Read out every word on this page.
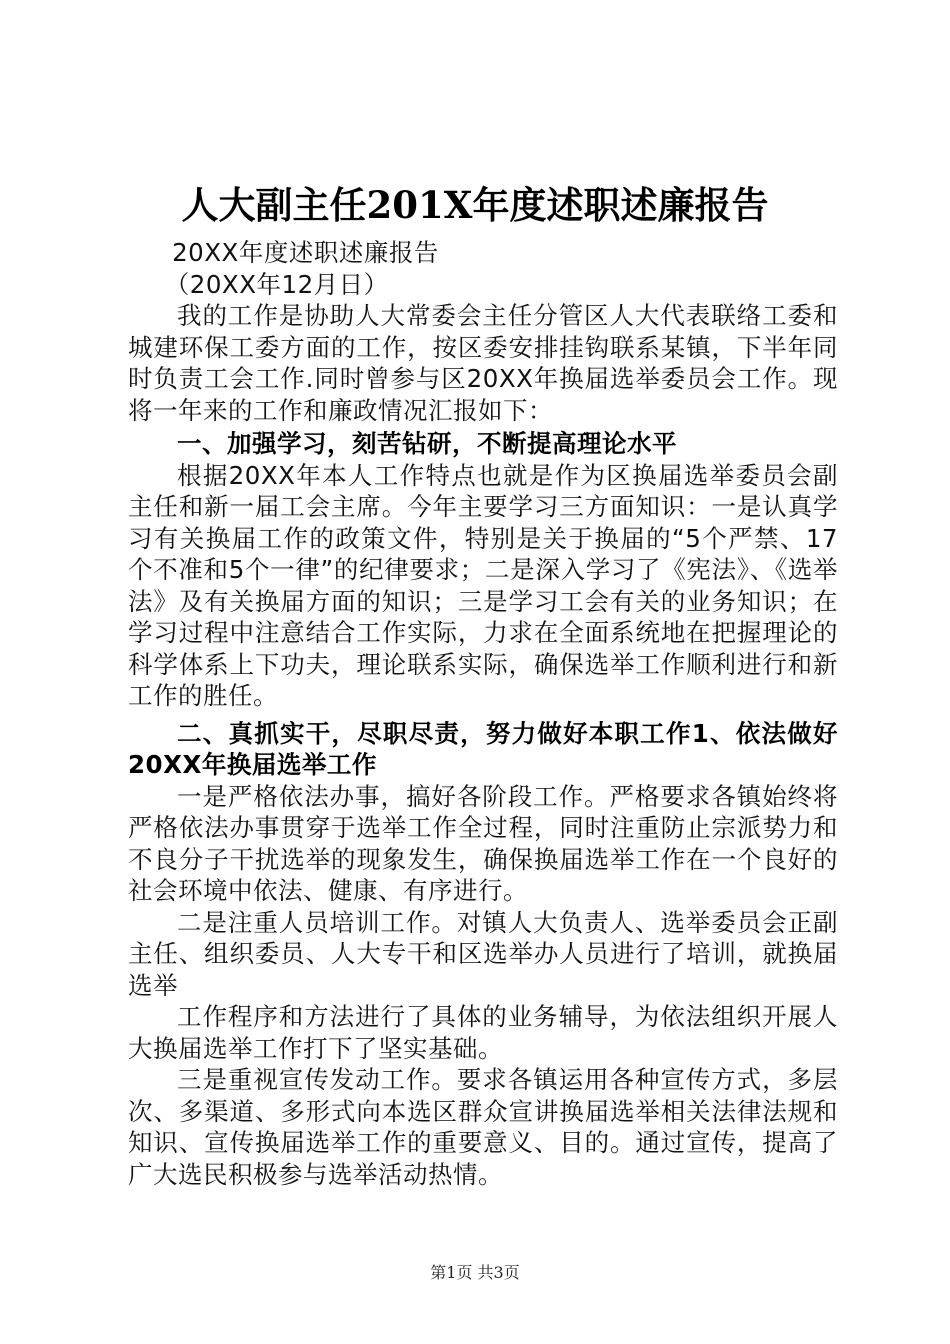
人大副主任201X年度述职述廉报告

20XX年度述职述廉报告

（20XX年12月日）

我的工作是协助人大常委会主任分管区人大代表联络工委和城建环保工委方面的工作，按区委安排挂钩联系某镇，下半年同时负责工会工作.同时曾参与区20XX年换届选举委员会工作。现将一年来的工作和廉政情况汇报如下：

一、加强学习，刻苦钻研，不断提高理论水平

根据20XX年本人工作特点也就是作为区换届选举委员会副主任和新一届工会主席。今年主要学习三方面知识：一是认真学习有关换届工作的政策文件，特别是关于换届的“5个严禁、17个不准和5个一律”的纪律要求；二是深入学习了《宪法》、《选举法》及有关换届方面的知识；三是学习工会有关的业务知识；在学习过程中注意结合工作实际，力求在全面系统地在把握理论的科学体系上下功夫，理论联系实际，确保选举工作顺利进行和新工作的胜任。

二、真抓实干，尽职尽责，努力做好本职工作1、依法做好20XX年换届选举工作

一是严格依法办事，搞好各阶段工作。严格要求各镇始终将严格依法办事贯穿于选举工作全过程，同时注重防止宗派势力和不良分子干扰选举的现象发生，确保换届选举工作在一个良好的社会环境中依法、健康、有序进行。

二是注重人员培训工作。对镇人大负责人、选举委员会正副主任、组织委员、人大专干和区选举办人员进行了培训，就换届选举

工作程序和方法进行了具体的业务辅导，为依法组织开展人大换届选举工作打下了坚实基础。

三是重视宣传发动工作。要求各镇运用各种宣传方式，多层次、多渠道、多形式向本选区群众宣讲换届选举相关法律法规和知识、宣传换届选举工作的重要意义、目的。通过宣传，提高了广大选民积极参与选举活动热情。

第1页 共3页
